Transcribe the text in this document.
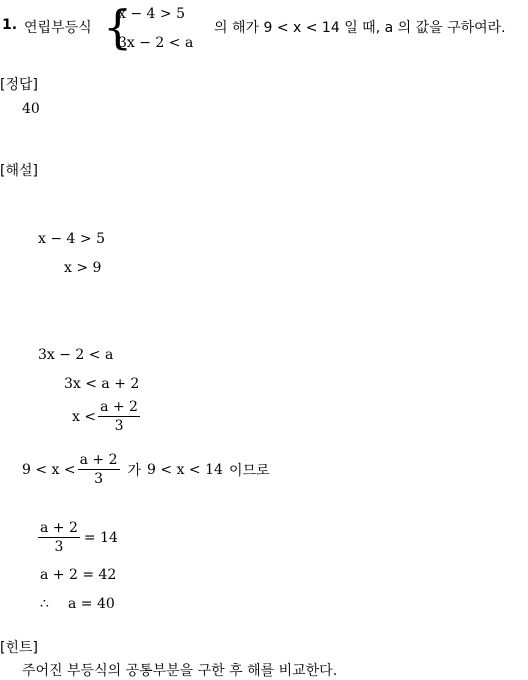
1. 연립부등식 {
x − 4 > 5
3x − 2 < a
의 해가 9 < x < 14 일 때, a 의 값을 구하여라.
[정답]
40
[해설]
x − 4 > 5
x > 9
3x − 2 < a
3x < a + 2
$x < \frac{a + 2}{3}$
$9 < x < \frac{a + 2}{3}$ 가 9 < x < 14 이므로
$\frac{a + 2}{3} = 14$
a + 2 = 42
∴ a = 40
[힌트]
주어진 부등식의 공통부분을 구한 후 해를 비교한다.
